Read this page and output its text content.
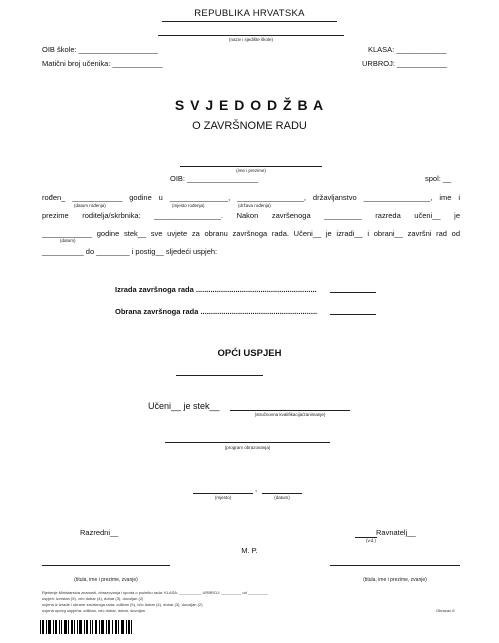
REPUBLIKA HRVATSKA
(naziv i sjedište škole)
OIB škole: ___________________	KLASA: ____________
Matični broj učenika: ____________	URBROJ: ____________
S V J E D O D Ž B A
O ZAVRŠNOME RADU
(ime i prezime)
OIB: _________________	spol: __
rođen_ ____________ godine u ______________, ________________, državljanstvo ________________, ime i
(datum rođenja)	(mjesto rođenja)	(država rođenja)
prezime roditelja/skrbnika: ________________. Nakon završenoga _________ razreda učeni__ je
____________ godine stek__ sve uvjete za obranu završnoga rada. Učeni__ je izradi__ i obrani__ završni rad od
(datum)
__________ do ________ i postig__ sljedeći uspjeh:
Izrada završnoga rada ..........................................................
Obrana završnoga rada ........................................................
OPĆI USPJEH
Učeni__ je stek__
(stručnovna kvalifikacija/zanimanje)
(program obrazovanja)
,
(mjesto)	(datum)
Razredni__	Ravnatelj__
(v.d.)
M. P.
(titula, ime i prezime, zvanje)	(titula, ime i prezime, zvanje)
Rješenje Ministarstva znanosti, obrazovanja i sporta o početku rada: KLASA: __________ URBROJ: _________ od _________
uspjeh: izvrstan (5), vrlo dobar (4), dobar (3), dovoljan (2)
ocjena iz izrade i obrane završnoga rada: odličan (5), vrlo dobar (4), dobar (3), dovoljan (2)
ocjena općeg uspjeha: odličan, vrlo dobar, dobar, dovoljan	Obrazac 6
